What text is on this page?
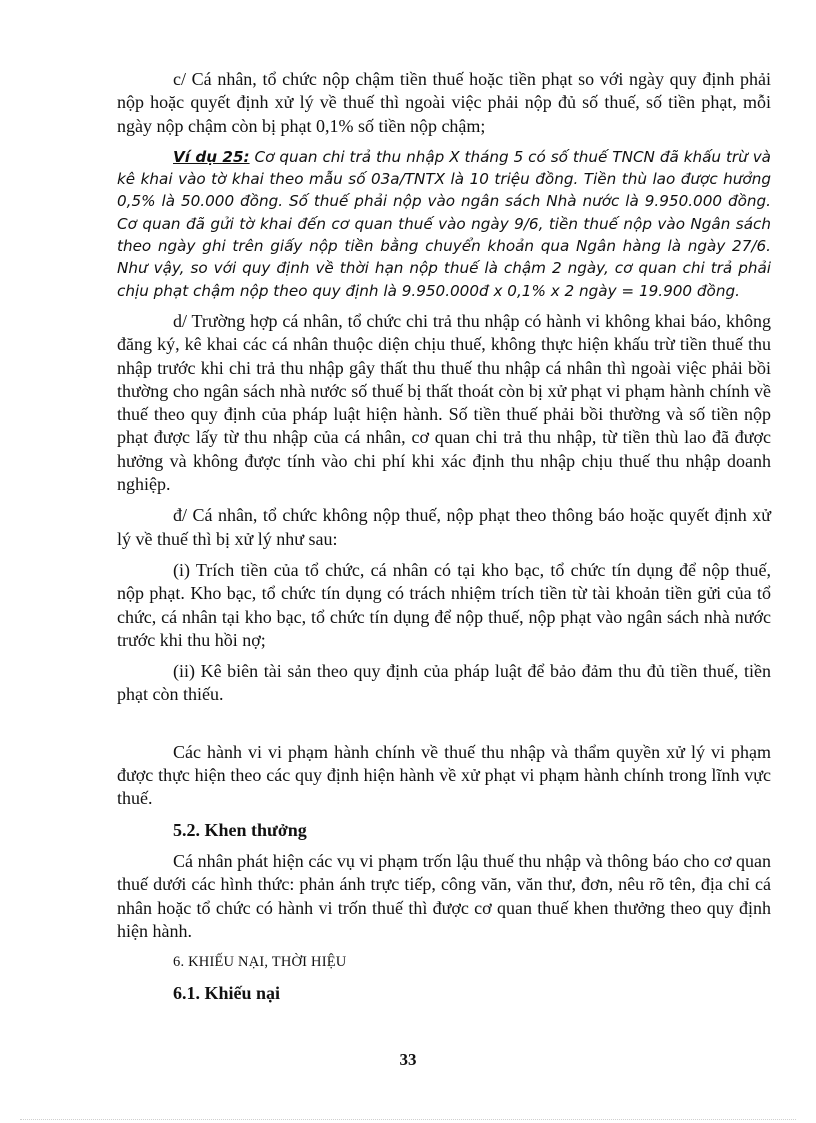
c/ Cá nhân, tổ chức nộp chậm tiền thuế hoặc tiền phạt so với ngày quy định phải nộp hoặc quyết định xử lý về thuế thì ngoài việc phải nộp đủ số thuế, số tiền phạt, mỗi ngày nộp chậm còn bị phạt 0,1% số tiền nộp chậm;

Ví dụ 25: Cơ quan chi trả thu nhập X tháng 5 có số thuế TNCN đã khấu trừ và kê khai vào tờ khai theo mẫu số 03a/TNTX là 10 triệu đồng. Tiền thù lao được hưởng 0,5% là 50.000 đồng. Số thuế phải nộp vào ngân sách Nhà nước là 9.950.000 đồng. Cơ quan đã gửi tờ khai đến cơ quan thuế vào ngày 9/6, tiền thuế nộp vào Ngân sách theo ngày ghi trên giấy nộp tiền bằng chuyển khoản qua Ngân hàng là ngày 27/6. Như vậy, so với quy định về thời hạn nộp thuế là chậm 2 ngày, cơ quan chi trả phải chịu phạt chậm nộp theo quy định là 9.950.000đ x 0,1% x 2 ngày = 19.900 đồng.

d/ Trường hợp cá nhân, tổ chức chi trả thu nhập có hành vi không khai báo, không đăng ký, kê khai các cá nhân thuộc diện chịu thuế, không thực hiện khấu trừ tiền thuế thu nhập trước khi chi trả thu nhập gây thất thu thuế thu nhập cá nhân thì ngoài việc phải bồi thường cho ngân sách nhà nước số thuế bị thất thoát còn bị xử phạt vi phạm hành chính về thuế theo quy định của pháp luật hiện hành. Số tiền thuế phải bồi thường và số tiền nộp phạt được lấy từ thu nhập của cá nhân, cơ quan chi trả thu nhập, từ tiền thù lao đã được hưởng và không được tính vào chi phí khi xác định thu nhập chịu thuế thu nhập doanh nghiệp.

đ/ Cá nhân, tổ chức không nộp thuế, nộp phạt theo thông báo hoặc quyết định xử lý về thuế thì bị xử lý như sau:

(i) Trích tiền của tổ chức, cá nhân có tại kho bạc, tổ chức tín dụng để nộp thuế, nộp phạt. Kho bạc, tổ chức tín dụng có trách nhiệm trích tiền từ tài khoản tiền gửi của tổ chức, cá nhân tại kho bạc, tổ chức tín dụng để nộp thuế, nộp phạt vào ngân sách nhà nước trước khi thu hồi nợ;

(ii) Kê biên tài sản theo quy định của pháp luật để bảo đảm thu đủ tiền thuế, tiền phạt còn thiếu.

Các hành vi vi phạm hành chính về thuế thu nhập và thẩm quyền xử lý vi phạm được thực hiện theo các quy định hiện hành về xử phạt vi phạm hành chính trong lĩnh vực thuế.

5.2. Khen thưởng

Cá nhân phát hiện các vụ vi phạm trốn lậu thuế thu nhập và thông báo cho cơ quan thuế dưới các hình thức: phản ánh trực tiếp, công văn, văn thư, đơn, nêu rõ tên, địa chỉ cá nhân hoặc tổ chức có hành vi trốn thuế thì được cơ quan thuế khen thưởng theo quy định hiện hành.

6. KHIẾU NẠI, THỜI HIỆU

6.1. Khiếu nại

33
